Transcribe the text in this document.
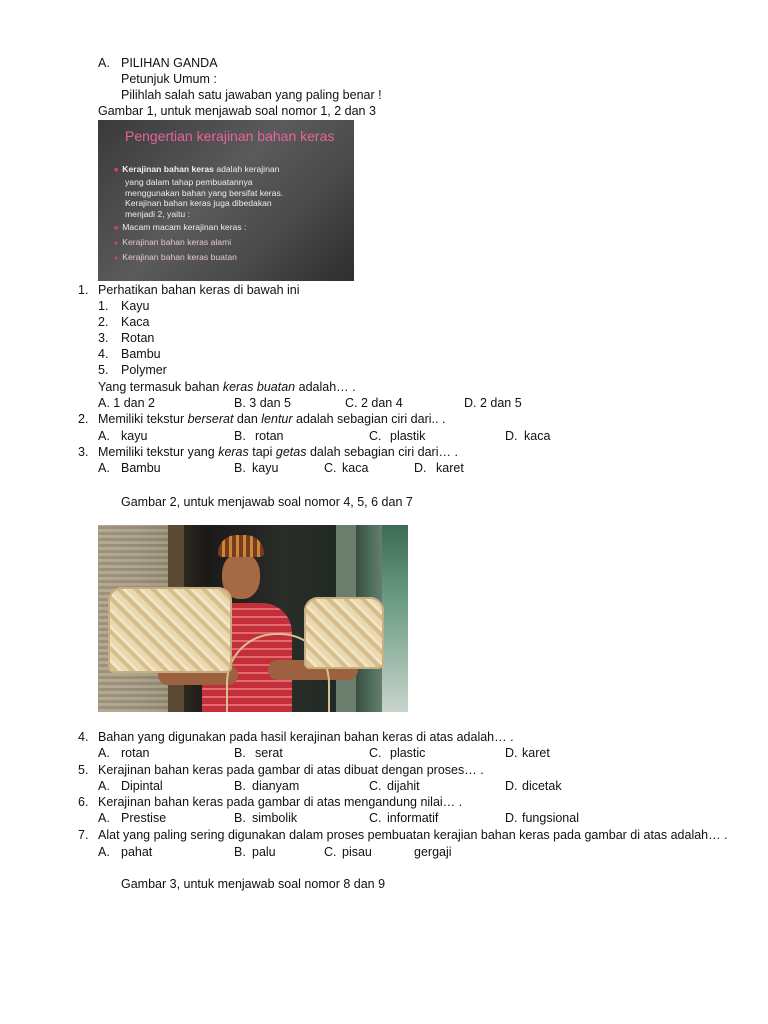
A. PILIHAN GANDA
Petunjuk Umum :
Pilihlah salah satu jawaban yang paling benar !
Gambar 1, untuk menjawab soal nomor 1, 2 dan 3
Pengertian kerajinan bahan keras
■ Kerajinan bahan keras adalah kerajinan
yang dalam tahap pembuatannya
menggunakan bahan yang bersifat keras.
Kerajinan bahan keras juga dibedakan
menjadi 2, yaitu :
■ Macam macam kerajinan keras :
● Kerajinan bahan keras alami
● Kerajinan bahan keras buatan
1. Perhatikan bahan keras di bawah ini
1. Kayu
2. Kaca
3. Rotan
4. Bambu
5. Polymer
Yang termasuk bahan keras buatan adalah… .
A. 1 dan 2	B. 3 dan 5	C. 2 dan 4	D. 2 dan 5
2. Memiliki tekstur berserat dan lentur adalah sebagian ciri dari.. .
A. kayu	B. rotan	C. plastik	D. kaca
3. Memiliki tekstur yang keras tapi getas dalah sebagian ciri dari… .
A. Bambu	B. kayu	C. kaca	D. karet
Gambar 2, untuk menjawab soal nomor 4, 5, 6 dan 7
4. Bahan yang digunakan pada hasil kerajinan bahan keras di atas adalah… .
A. rotan	B. serat	C. plastic	D. karet
5. Kerajinan bahan keras pada gambar di atas dibuat dengan proses… .
A. Dipintal	B. dianyam	C. dijahit	D. dicetak
6. Kerajinan bahan keras pada gambar di atas mengandung nilai… .
A. Prestise	B. simbolik	C. informatif	D. fungsional
7. Alat yang paling sering digunakan dalam proses pembuatan kerajian bahan keras pada gambar di atas adalah… .
A. pahat	B. palu	C. pisau	gergaji
Gambar 3, untuk menjawab soal nomor 8 dan 9
